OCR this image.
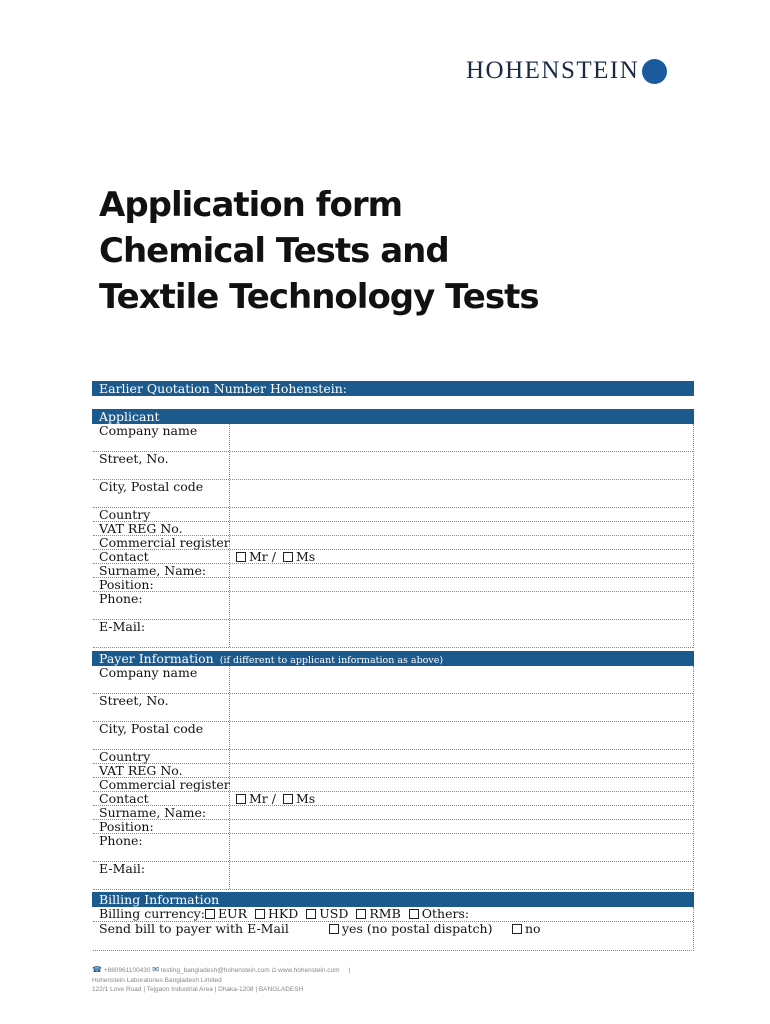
HOHENSTEIN
Application form
Chemical Tests and
Textile Technology Tests
Earlier Quotation Number Hohenstein:
Applicant
Company name
Street, No.
City, Postal code
Country
VAT REG No.
Commercial register
Contact	Mr / Ms
Surname, Name:
Position:
Phone:
E-Mail:
Payer Information (if different to applicant information as above)
Company name
Street, No.
City, Postal code
Country
VAT REG No.
Commercial register
Contact	Mr / Ms
Surname, Name:
Position:
Phone:
E-Mail:
Billing Information
Billing currency: EUR HKD USD RMB Others:
Send bill to payer with E-Mail	yes (no postal dispatch)	no
☎ +880961100430 ✉ testing_bangladesh@hohenstein.com ⌂ www.hohenstein.com |
Hohenstein Laboratories Bangladesh Limited
122/1 Love Road | Tejgaon Industrial Area | Dhaka-1208 | BANGLADESH
